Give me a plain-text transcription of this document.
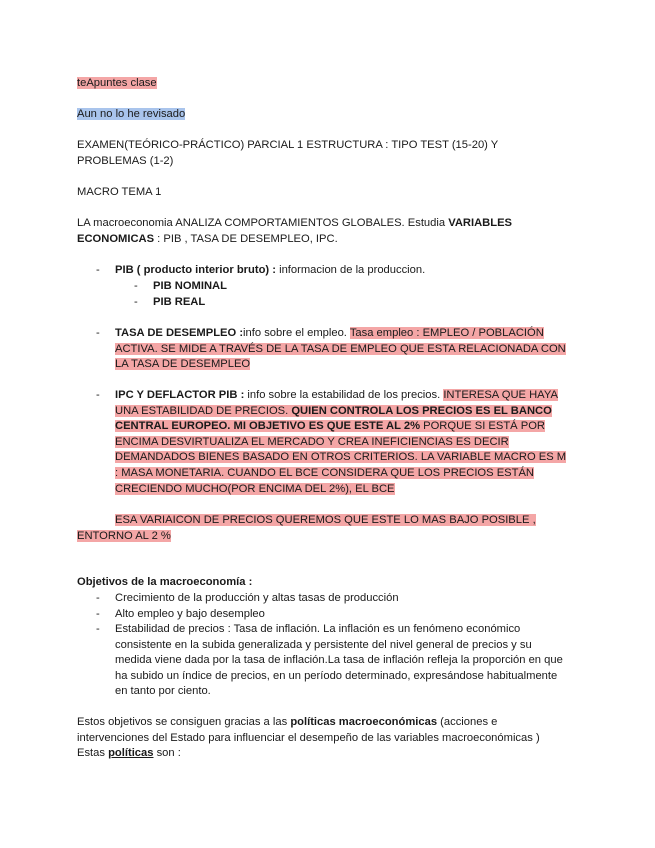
teApuntes clase

Aun no lo he revisado

EXAMEN(TEÓRICO-PRÁCTICO) PARCIAL 1 ESTRUCTURA : TIPO TEST (15-20) Y PROBLEMAS (1-2)

MACRO TEMA 1

LA macroeconomia ANALIZA COMPORTAMIENTOS GLOBALES. Estudia VARIABLES ECONOMICAS : PIB , TASA DE DESEMPLEO, IPC.

- PIB ( producto interior bruto) : informacion de la produccion.

- PIB NOMINAL

- PIB REAL

- TASA DE DESEMPLEO :info sobre el empleo. Tasa empleo : EMPLEO / POBLACIÓN ACTIVA. SE MIDE A TRAVÉS DE LA TASA DE EMPLEO QUE ESTA RELACIONADA CON LA TASA DE DESEMPLEO

- IPC Y DEFLACTOR PIB : info sobre la estabilidad de los precios. INTERESA QUE HAYA UNA ESTABILIDAD DE PRECIOS. QUIEN CONTROLA LOS PRECIOS ES EL BANCO CENTRAL EUROPEO. MI OBJETIVO ES QUE ESTE AL 2% PORQUE SI ESTÁ POR ENCIMA DESVIRTUALIZA EL MERCADO Y CREA INEFICIENCIAS ES DECIR DEMANDADOS BIENES BASADO EN OTROS CRITERIOS. LA VARIABLE MACRO ES M : MASA MONETARIA. CUANDO EL BCE CONSIDERA QUE LOS PRECIOS ESTÁN CRECIENDO MUCHO(POR ENCIMA DEL 2%), EL BCE

ESA VARIAICON DE PRECIOS QUEREMOS QUE ESTE LO MAS BAJO POSIBLE , ENTORNO AL 2 %

Objetivos de la macroeconomía :

- Crecimiento de la producción y altas tasas de producción

- Alto empleo y bajo desempleo

- Estabilidad de precios : Tasa de inflación. La inflación es un fenómeno económico consistente en la subida generalizada y persistente del nivel general de precios y su medida viene dada por la tasa de inflación.La tasa de inflación refleja la proporción en que ha subido un índice de precios, en un período determinado, expresándose habitualmente en tanto por ciento.

Estos objetivos se consiguen gracias a las políticas macroeconómicas (acciones e intervenciones del Estado para influenciar el desempeño de las variables macroeconómicas )
Estas políticas son :
